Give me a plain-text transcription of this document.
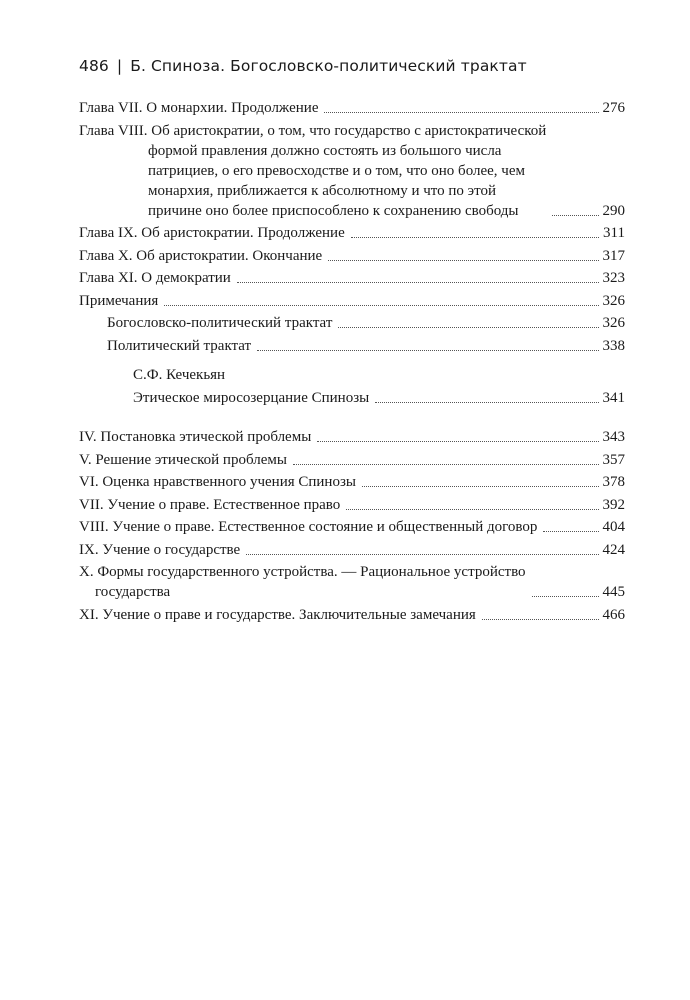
486 | Б. Спиноза. Богословско-политический трактат
Глава VII. О монархии. Продолжение	276
Глава VIII. Об аристократии, о том, что государство с аристократической
формой правления должно состоять из большого числа
патрициев, о его превосходстве и о том, что оно более, чем
монархия, приближается к абсолютному и что по этой
причине оно более приспособлено к сохранению свободы	290
Глава IX. Об аристократии. Продолжение	311
Глава X. Об аристократии. Окончание	317
Глава XI. О демократии	323
Примечания	326
Богословско-политический трактат	326
Политический трактат	338
С.Ф. Кечекьян
Этическое миросозерцание Спинозы	341
IV. Постановка этической проблемы	343
V. Решение этической проблемы	357
VI. Оценка нравственного учения Спинозы	378
VII. Учение о праве. Естественное право	392
VIII. Учение о праве. Естественное состояние и общественный договор	404
IX. Учение о государстве	424
X. Формы государственного устройства. — Рациональное устройство
государства	445
XI. Учение о праве и государстве. Заключительные замечания	466
